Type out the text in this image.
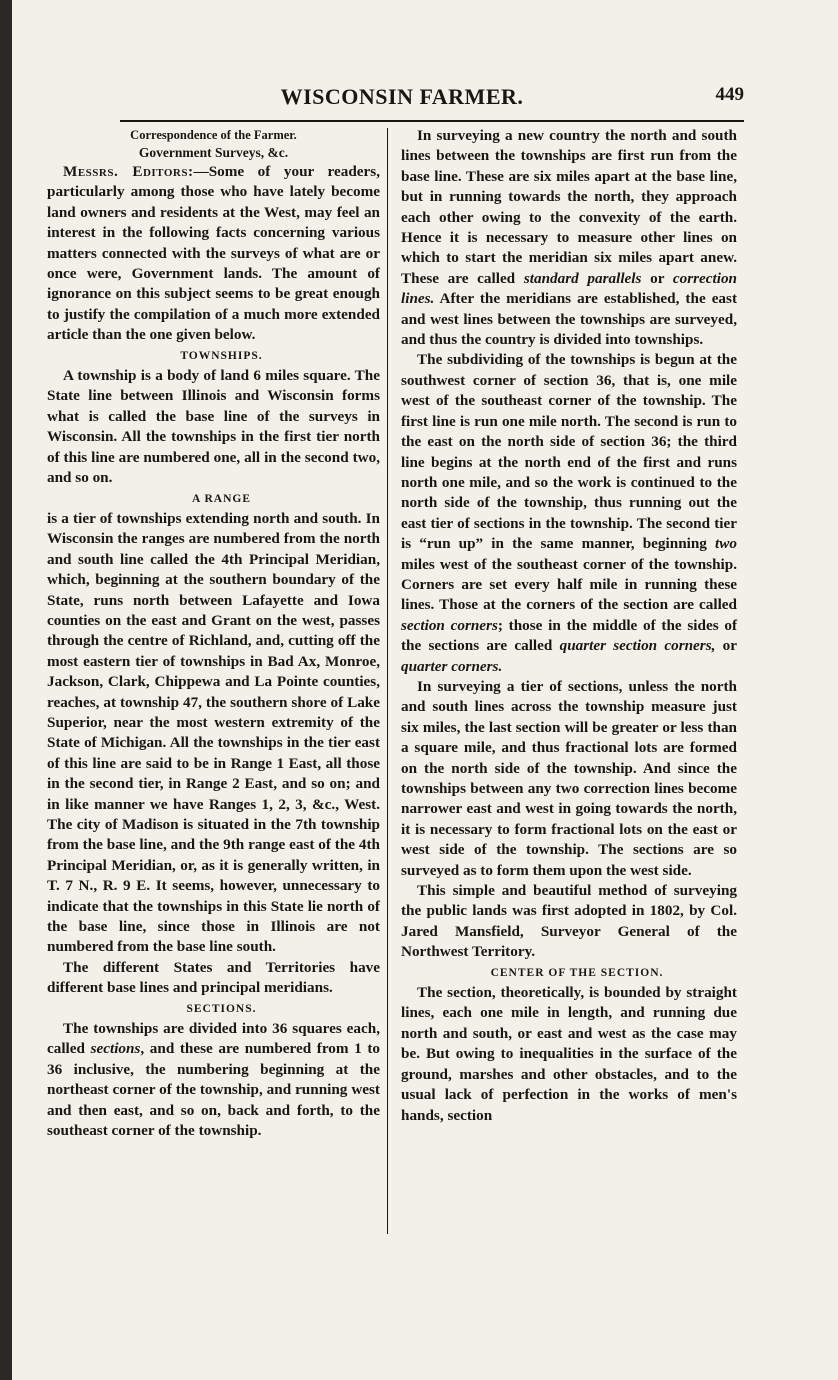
WISCONSIN FARMER.	449

Correspondence of the Farmer.

Government Surveys, &c.

Messrs. Editors:—Some of your readers, particularly among those who have lately become land owners and residents at the West, may feel an interest in the following facts concerning various matters connected with the surveys of what are or once were, Government lands. The amount of ignorance on this subject seems to be great enough to justify the compilation of a much more extended article than the one given below.

TOWNSHIPS.

A township is a body of land 6 miles square. The State line between Illinois and Wisconsin forms what is called the base line of the surveys in Wisconsin. All the townships in the first tier north of this line are numbered one, all in the second two, and so on.

A RANGE

is a tier of townships extending north and south. In Wisconsin the ranges are numbered from the north and south line called the 4th Principal Meridian, which, beginning at the southern boundary of the State, runs north between Lafayette and Iowa counties on the east and Grant on the west, passes through the centre of Richland, and, cutting off the most eastern tier of townships in Bad Ax, Monroe, Jackson, Clark, Chippewa and La Pointe counties, reaches, at township 47, the southern shore of Lake Superior, near the most western extremity of the State of Michigan. All the townships in the tier east of this line are said to be in Range 1 East, all those in the second tier, in Range 2 East, and so on; and in like manner we have Ranges 1, 2, 3, &c., West. The city of Madison is situated in the 7th township from the base line, and the 9th range east of the 4th Principal Meridian, or, as it is generally written, in T. 7 N., R. 9 E. It seems, however, unnecessary to indicate that the townships in this State lie north of the base line, since those in Illinois are not numbered from the base line south.

The different States and Territories have different base lines and principal meridians.

SECTIONS.

The townships are divided into 36 squares each, called sections, and these are numbered from 1 to 36 inclusive, the numbering beginning at the northeast corner of the township, and running west and then east, and so on, back and forth, to the southeast corner of the township.

In surveying a new country the north and south lines between the townships are first run from the base line. These are six miles apart at the base line, but in running towards the north, they approach each other owing to the convexity of the earth. Hence it is necessary to measure other lines on which to start the meridian six miles apart anew. These are called standard parallels or correction lines. After the meridians are established, the east and west lines between the townships are surveyed, and thus the country is divided into townships.

The subdividing of the townships is begun at the southwest corner of section 36, that is, one mile west of the southeast corner of the township. The first line is run one mile north. The second is run to the east on the north side of section 36; the third line begins at the north end of the first and runs north one mile, and so the work is continued to the north side of the township, thus running out the east tier of sections in the township. The second tier is “run up” in the same manner, beginning two miles west of the southeast corner of the township. Corners are set every half mile in running these lines. Those at the corners of the section are called section corners; those in the middle of the sides of the sections are called quarter section corners, or quarter corners.

In surveying a tier of sections, unless the north and south lines across the township measure just six miles, the last section will be greater or less than a square mile, and thus fractional lots are formed on the north side of the township. And since the townships between any two correction lines become narrower east and west in going towards the north, it is necessary to form fractional lots on the east or west side of the township. The sections are so surveyed as to form them upon the west side.

This simple and beautiful method of surveying the public lands was first adopted in 1802, by Col. Jared Mansfield, Surveyor General of the Northwest Territory.

CENTER OF THE SECTION.

The section, theoretically, is bounded by straight lines, each one mile in length, and running due north and south, or east and west as the case may be. But owing to inequalities in the surface of the ground, marshes and other obstacles, and to the usual lack of perfection in the works of men's hands, section
